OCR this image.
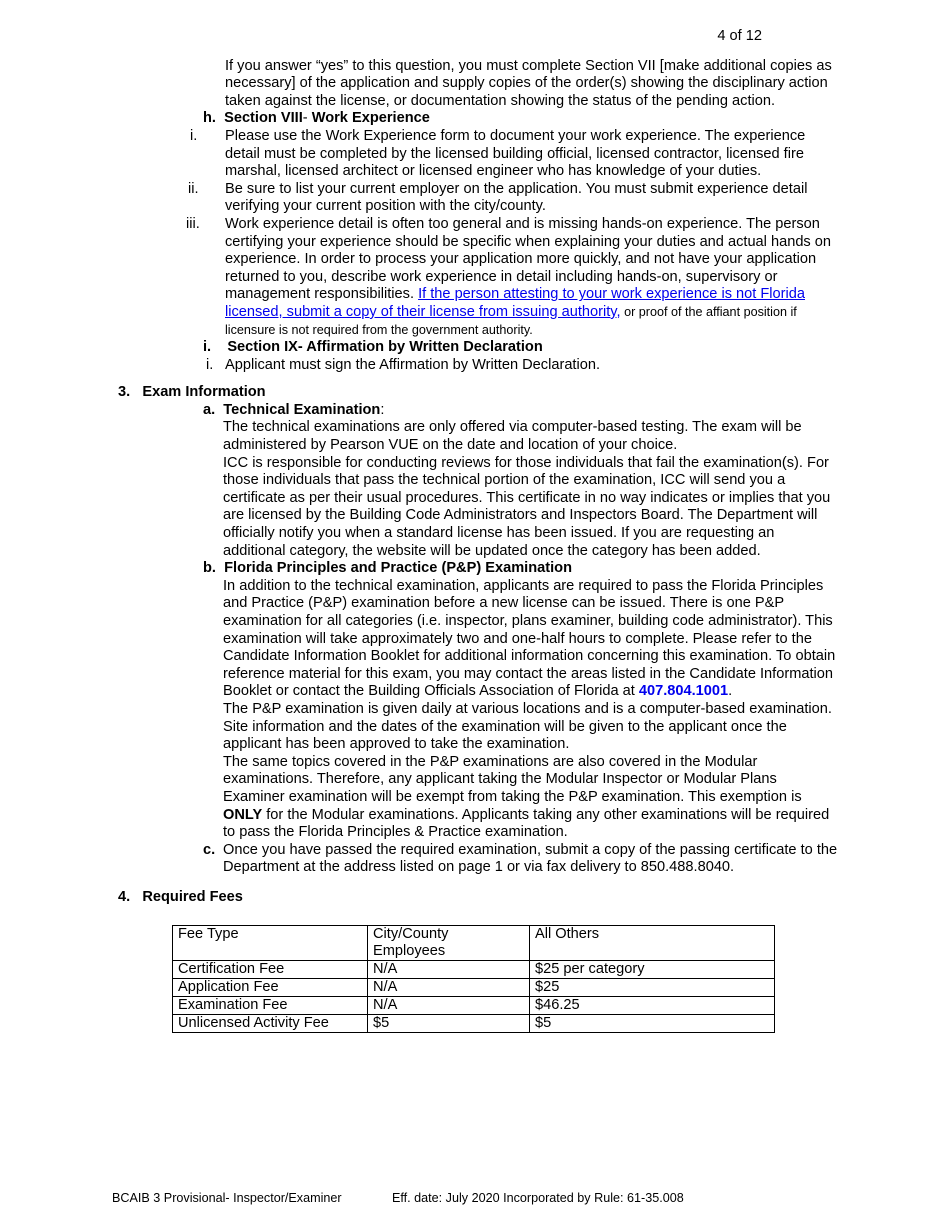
4 of 12

If you answer “yes” to this question, you must complete Section VII [make additional copies as necessary] of the application and supply copies of the order(s) showing the disciplinary action taken against the license, or documentation showing the status of the pending action.

h. Section VIII- Work Experience
i. Please use the Work Experience form to document your work experience. The experience detail must be completed by the licensed building official, licensed contractor, licensed fire marshal, licensed architect or licensed engineer who has knowledge of your duties.

ii. Be sure to list your current employer on the application. You must submit experience detail verifying your current position with the city/county.

iii. Work experience detail is often too general and is missing hands-on experience. The person certifying your experience should be specific when explaining your duties and actual hands on experience. In order to process your application more quickly, and not have your application returned to you, describe work experience in detail including hands-on, supervisory or management responsibilities. If the person attesting to your work experience is not Florida licensed, submit a copy of their license from issuing authority, or proof of the affiant position if licensure is not required from the government authority.

i. Section IX- Affirmation by Written Declaration
i. Applicant must sign the Affirmation by Written Declaration.

3. Exam Information
a. Technical Examination:

The technical examinations are only offered via computer-based testing. The exam will be administered by Pearson VUE on the date and location of your choice.
ICC is responsible for conducting reviews for those individuals that fail the examination(s). For those individuals that pass the technical portion of the examination, ICC will send you a certificate as per their usual procedures. This certificate in no way indicates or implies that you are licensed by the Building Code Administrators and Inspectors Board. The Department will officially notify you when a standard license has been issued. If you are requesting an additional category, the website will be updated once the category has been added.

b. Florida Principles and Practice (P&P) Examination

In addition to the technical examination, applicants are required to pass the Florida Principles and Practice (P&P) examination before a new license can be issued. There is one P&P examination for all categories (i.e. inspector, plans examiner, building code administrator). This examination will take approximately two and one-half hours to complete. Please refer to the Candidate Information Booklet for additional information concerning this examination. To obtain reference material for this exam, you may contact the areas listed in the Candidate Information Booklet or contact the Building Officials Association of Florida at 407.804.1001.
The P&P examination is given daily at various locations and is a computer-based examination. Site information and the dates of the examination will be given to the applicant once the applicant has been approved to take the examination.
The same topics covered in the P&P examinations are also covered in the Modular examinations. Therefore, any applicant taking the Modular Inspector or Modular Plans Examiner examination will be exempt from taking the P&P examination. This exemption is ONLY for the Modular examinations. Applicants taking any other examinations will be required to pass the Florida Principles & Practice examination.

c. Once you have passed the required examination, submit a copy of the passing certificate to the Department at the address listed on page 1 or via fax delivery to 850.488.8040.

4. Required Fees
Fee Type	City/County Employees	All Others
Certification Fee	N/A	$25 per category
Application Fee	N/A	$25
Examination Fee	N/A	$46.25
Unlicensed Activity Fee	$5	$5
BCAIB 3 Provisional- Inspector/Examiner	Eff. date: July 2020 Incorporated by Rule: 61-35.008
